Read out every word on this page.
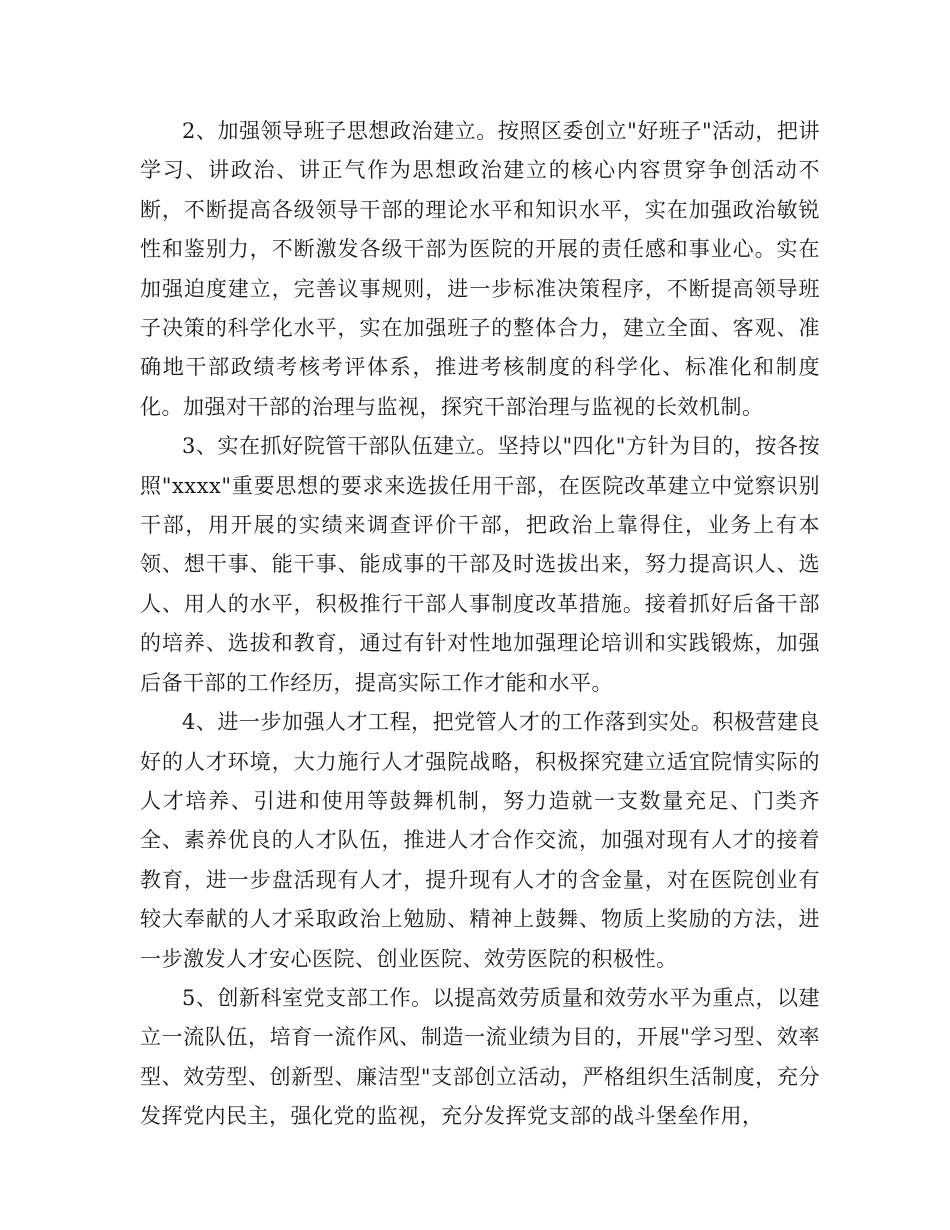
2、加强领导班子思想政治建立。按照区委创立"好班子"活动，把讲学习、讲政治、讲正气作为思想政治建立的核心内容贯穿争创活动不断，不断提高各级领导干部的理论水平和知识水平，实在加强政治敏锐性和鉴别力，不断激发各级干部为医院的开展的责任感和事业心。实在加强迫度建立，完善议事规则，进一步标准决策程序，不断提高领导班子决策的科学化水平，实在加强班子的整体合力，建立全面、客观、准确地干部政绩考核考评体系，推进考核制度的科学化、标准化和制度化。加强对干部的治理与监视，探究干部治理与监视的长效机制。

3、实在抓好院管干部队伍建立。坚持以"四化"方针为目的，按各按照"xxxx"重要思想的要求来选拔任用干部，在医院改革建立中觉察识别干部，用开展的实绩来调查评价干部，把政治上靠得住，业务上有本领、想干事、能干事、能成事的干部及时选拔出来，努力提高识人、选人、用人的水平，积极推行干部人事制度改革措施。接着抓好后备干部的培养、选拔和教育，通过有针对性地加强理论培训和实践锻炼，加强后备干部的工作经历，提高实际工作才能和水平。

4、进一步加强人才工程，把党管人才的工作落到实处。积极营建良好的人才环境，大力施行人才强院战略，积极探究建立适宜院情实际的人才培养、引进和使用等鼓舞机制，努力造就一支数量充足、门类齐全、素养优良的人才队伍，推进人才合作交流，加强对现有人才的接着教育，进一步盘活现有人才，提升现有人才的含金量，对在医院创业有较大奉献的人才采取政治上勉励、精神上鼓舞、物质上奖励的方法，进一步激发人才安心医院、创业医院、效劳医院的积极性。

5、创新科室党支部工作。以提高效劳质量和效劳水平为重点，以建立一流队伍，培育一流作风、制造一流业绩为目的，开展"学习型、效率型、效劳型、创新型、廉洁型"支部创立活动，严格组织生活制度，充分发挥党内民主，强化党的监视，充分发挥党支部的战斗堡垒作用，
